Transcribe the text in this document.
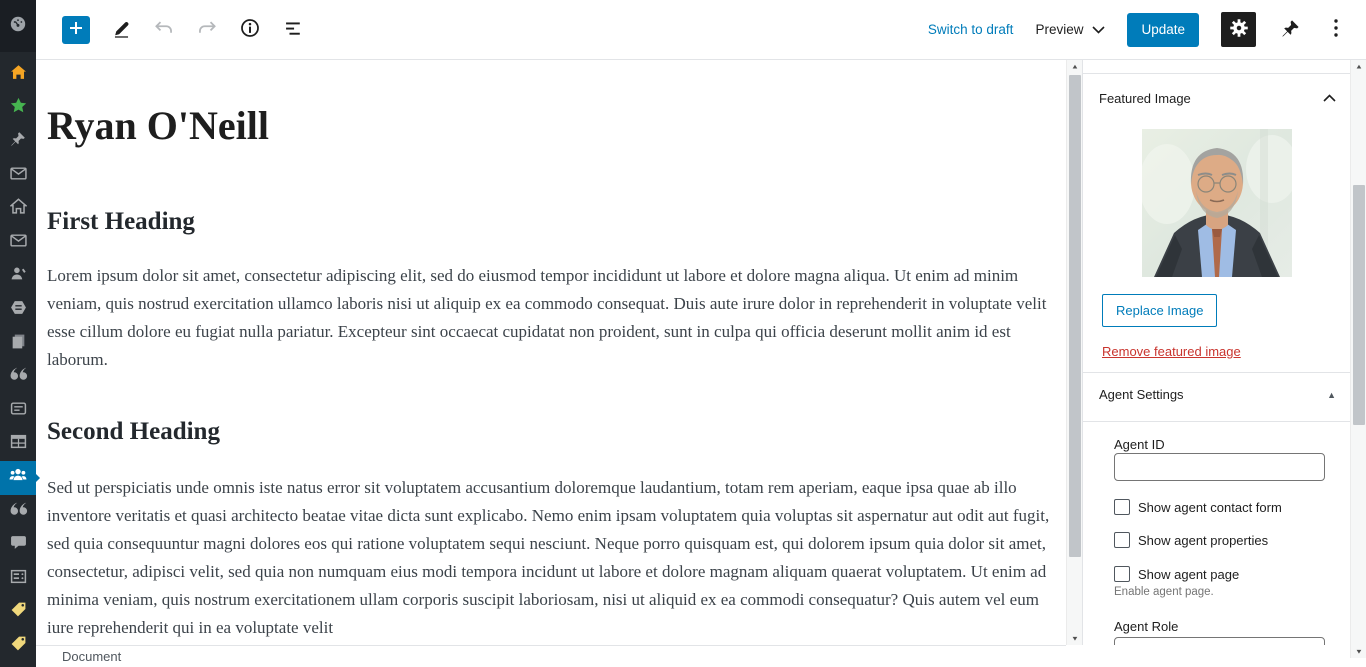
Switch to draft Preview	Update
Ryan O'Neill
First Heading

Lorem ipsum dolor sit amet, consectetur adipiscing elit, sed do eiusmod tempor incididunt ut labore et dolore magna aliqua. Ut enim ad minim veniam, quis nostrud exercitation ullamco laboris nisi ut aliquip ex ea commodo consequat. Duis aute irure dolor in reprehenderit in voluptate velit esse cillum dolore eu fugiat nulla pariatur. Excepteur sint occaecat cupidatat non proident, sunt in culpa qui officia deserunt mollit anim id est laborum.

Second Heading

Sed ut perspiciatis unde omnis iste natus error sit voluptatem accusantium doloremque laudantium, totam rem aperiam, eaque ipsa quae ab illo inventore veritatis et quasi architecto beatae vitae dicta sunt explicabo. Nemo enim ipsam voluptatem quia voluptas sit aspernatur aut odit aut fugit, sed quia consequuntur magni dolores eos qui ratione voluptatem sequi nesciunt. Neque porro quisquam est, qui dolorem ipsum quia dolor sit amet, consectetur, adipisci velit, sed quia non numquam eius modi tempora incidunt ut labore et dolore magnam aliquam quaerat voluptatem. Ut enim ad minima veniam, quis nostrum exercitationem ullam corporis suscipit laboriosam, nisi ut aliquid ex ea commodi consequatur? Quis autem vel eum iure reprehenderit qui in ea voluptate velit

▲
▼
Document
Featured Image
Replace Image
Remove featured image
Agent Settings	▲
Agent ID
Show agent contact form
Show agent properties
Show agent page
Enable agent page.
Agent Role
▲
▼
